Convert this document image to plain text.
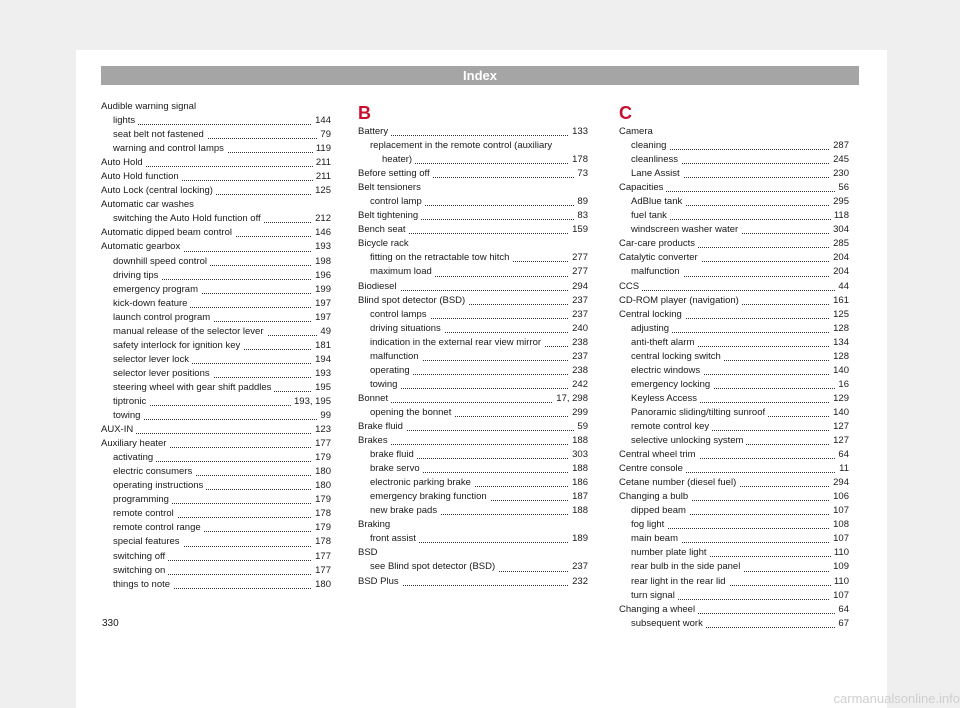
Index
Audible warning signal
lights	144
seat belt not fastened	79
warning and control lamps	119
Auto Hold	211
Auto Hold function	211
Auto Lock (central locking)	125
Automatic car washes
switching the Auto Hold function off	212
Automatic dipped beam control	146
Automatic gearbox	193
downhill speed control	198
driving tips	196
emergency program	199
kick-down feature	197
launch control program	197
manual release of the selector lever	49
safety interlock for ignition key	181
selector lever lock	194
selector lever positions	193
steering wheel with gear shift paddles	195
tiptronic	193, 195
towing	99
AUX-IN	123
Auxiliary heater	177
activating	179
electric consumers	180
operating instructions	180
programming	179
remote control	178
remote control range	179
special features	178
switching off	177
switching on	177
things to note	180
B
Battery	133
replacement in the remote control (auxiliary
heater)	178
Before setting off	73
Belt tensioners
control lamp	89
Belt tightening	83
Bench seat	159
Bicycle rack
fitting on the retractable tow hitch	277
maximum load	277
Biodiesel	294
Blind spot detector (BSD)	237
control lamps	237
driving situations	240
indication in the external rear view mirror	238
malfunction	237
operating	238
towing	242
Bonnet	17, 298
opening the bonnet	299
Brake fluid	59
Brakes	188
brake fluid	303
brake servo	188
electronic parking brake	186
emergency braking function	187
new brake pads	188
Braking
front assist	189
BSD
see Blind spot detector (BSD)	237
BSD Plus	232
C
Camera
cleaning	287
cleanliness	245
Lane Assist	230
Capacities	56
AdBlue tank	295
fuel tank	118
windscreen washer water	304
Car-care products	285
Catalytic converter	204
malfunction	204
CCS	44
CD-ROM player (navigation)	161
Central locking	125
adjusting	128
anti-theft alarm	134
central locking switch	128
electric windows	140
emergency locking	16
Keyless Access	129
Panoramic sliding/tilting sunroof	140
remote control key	127
selective unlocking system	127
Central wheel trim	64
Centre console	11
Cetane number (diesel fuel)	294
Changing a bulb	106
dipped beam	107
fog light	108
main beam	107
number plate light	110
rear bulb in the side panel	109
rear light in the rear lid	110
turn signal	107
Changing a wheel	64
subsequent work	67
330
carmanualsonline.info
